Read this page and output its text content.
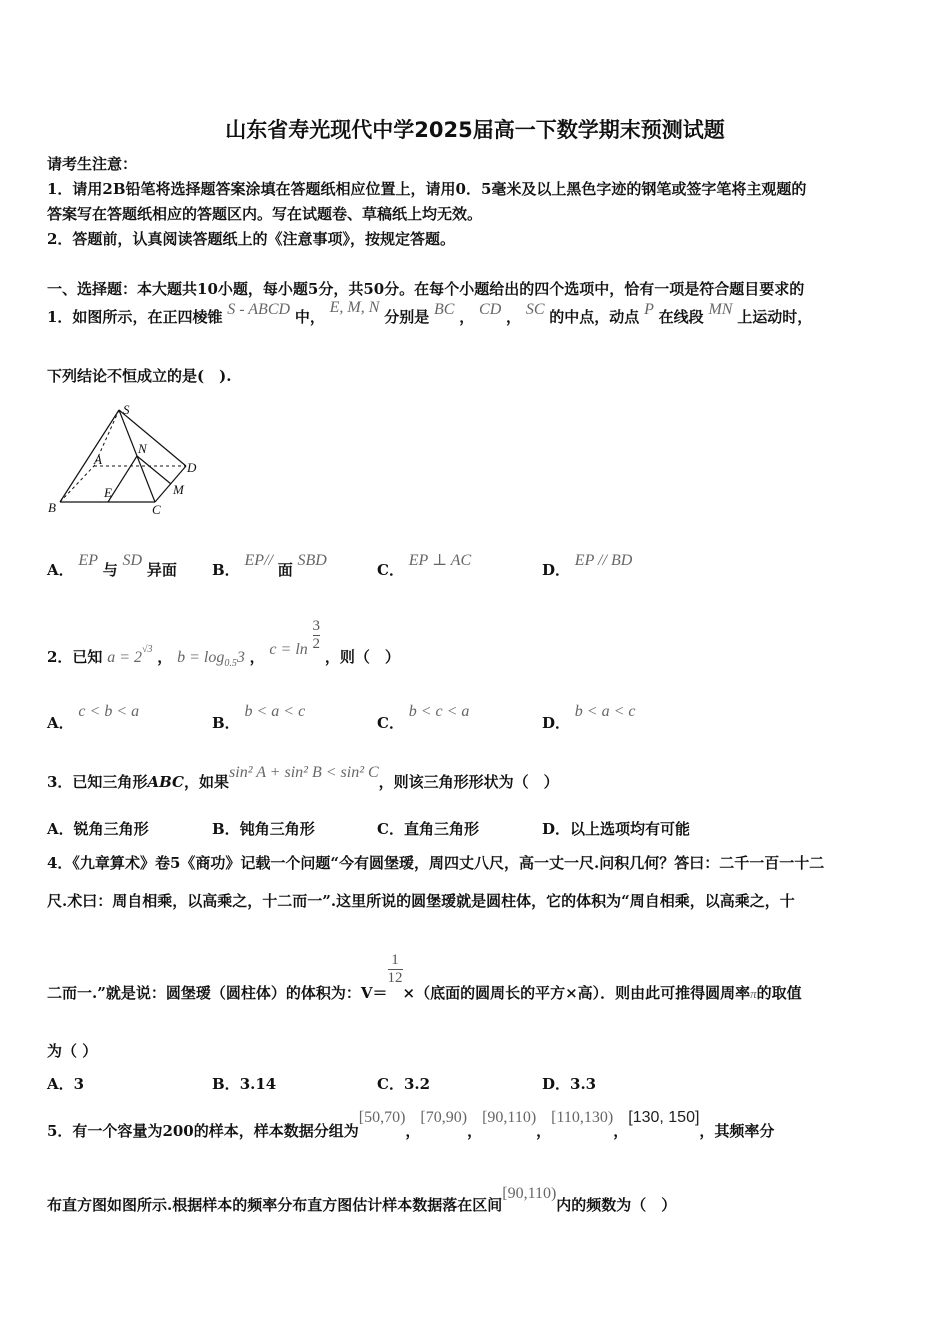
山东省寿光现代中学2025届高一下数学期末预测试题
请考生注意：
1．请用2B铅笔将选择题答案涂填在答题纸相应位置上，请用0．5毫米及以上黑色字迹的钢笔或签字笔将主观题的
答案写在答题纸相应的答题区内。写在试题卷、草稿纸上均无效。
2．答题前，认真阅读答题纸上的《注意事项》，按规定答题。
一、选择题：本大题共10小题，每小题5分，共50分。在每个小题给出的四个选项中，恰有一项是符合题目要求的
1．如图所示，在正四棱锥 S - ABCD 中， E, M, N 分别是 BC ， CD ， SC 的中点，动点 P 在线段 MN 上运动时，
下列结论不恒成立的是(　).
S
A
N
D
B
E
C
M
A． EP 与 SD 异面 B． EP// 面 SBD
C． EP ⊥ AC
D． EP // BD
2．已知 $a = 2_{√3}$ ， $b = \log_{0.5}3$ ， $c = \ln \frac{3}{2}$
，则（　）
A． c < b < a
B． b < a < c
C． b < c < a
D． b < a < c
3．已知三角形ABC，如果sin² A + sin² B < sin² C，则该三角形形状为（　）
A．锐角三角形	B．钝角三角形	C．直角三角形	D．以上选项均有可能
4．《九章算术》卷5《商功》记载一个问题“今有圆堡瑷，周四丈八尺，高一丈一尺.问积几何？答曰：二千一百一十二
尺.术曰：周自相乘，以高乘之，十二而一”.这里所说的圆堡瑷就是圆柱体，它的体积为“周自相乘，以高乘之，十
二而一.”就是说：圆堡瑷（圆柱体）的体积为：V＝
$\frac{1}{12}$
×（底面的圆周长的平方×高）．则由此可推得圆周率π的取值
为（ ）
A．3	B．3.14	C．3.2	D．3.3
5．有一个容量为200的样本，样本数据分组为[50,70)，[70,90)，[90,110)，[110,130)，[130, 150]，其频率分
布直方图如图所示.根据样本的频率分布直方图估计样本数据落在区间[90,110)内的频数为（　）
